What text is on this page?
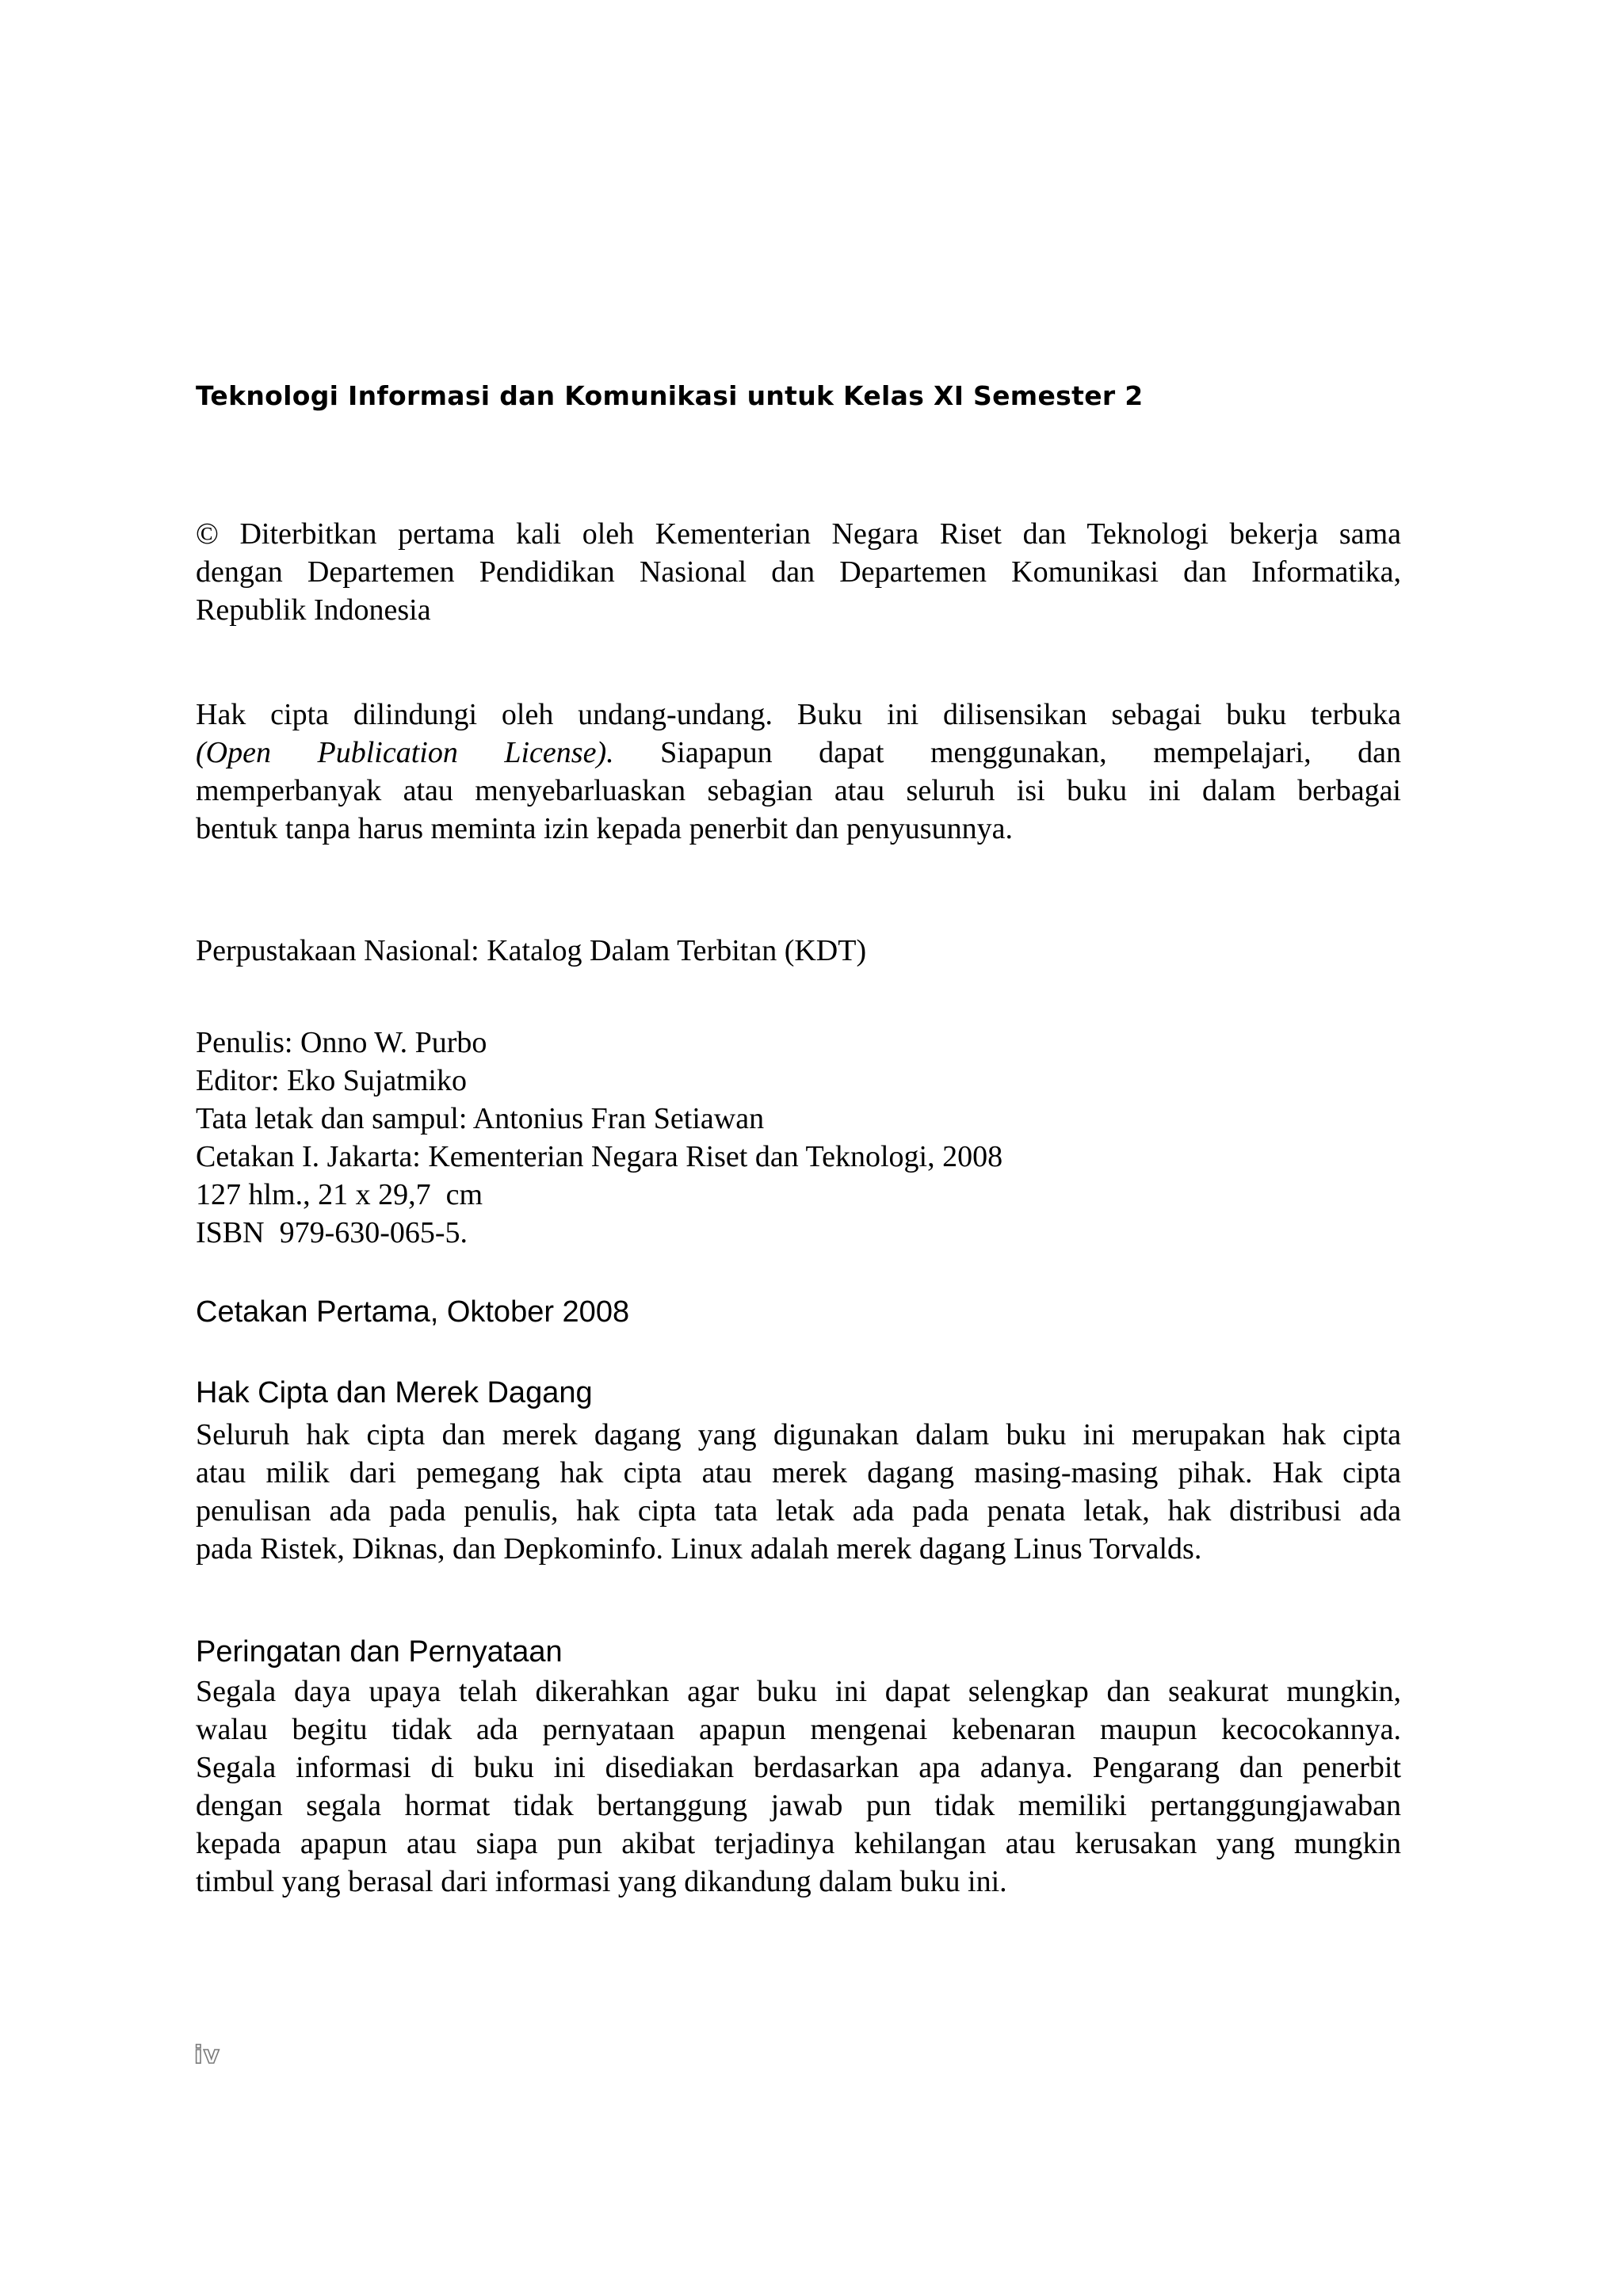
Teknologi Informasi dan Komunikasi untuk Kelas XI Semester 2
© Diterbitkan pertama kali oleh Kementerian Negara Riset dan Teknologi bekerja sama
dengan Departemen Pendidikan Nasional dan Departemen Komunikasi dan Informatika,
Republik Indonesia
Hak cipta dilindungi oleh undang-undang. Buku ini dilisensikan sebagai buku terbuka
(Open Publication License). Siapapun dapat menggunakan, mempelajari, dan
memperbanyak atau menyebarluaskan sebagian atau seluruh isi buku ini dalam berbagai
bentuk tanpa harus meminta izin kepada penerbit dan penyusunnya.
Perpustakaan Nasional: Katalog Dalam Terbitan (KDT)
Penulis: Onno W. Purbo
Editor: Eko Sujatmiko
Tata letak dan sampul: Antonius Fran Setiawan
Cetakan I. Jakarta: Kementerian Negara Riset dan Teknologi, 2008
127 hlm., 21 x 29,7  cm
ISBN  979-630-065-5.
Cetakan Pertama, Oktober 2008
Hak Cipta dan Merek Dagang
Seluruh hak cipta dan merek dagang yang digunakan dalam buku ini merupakan hak cipta
atau milik dari pemegang hak cipta atau merek dagang masing-masing pihak. Hak cipta
penulisan ada pada penulis, hak cipta tata letak ada pada penata letak, hak distribusi ada
pada Ristek, Diknas, dan Depkominfo. Linux adalah merek dagang Linus Torvalds.
Peringatan dan Pernyataan
Segala daya upaya telah dikerahkan agar buku ini dapat selengkap dan seakurat mungkin,
walau begitu tidak ada pernyataan apapun mengenai kebenaran maupun kecocokannya.
Segala informasi di buku ini disediakan berdasarkan apa adanya. Pengarang dan penerbit
dengan segala hormat tidak bertanggung jawab pun tidak memiliki pertanggungjawaban
kepada apapun atau siapa pun akibat terjadinya kehilangan atau kerusakan yang mungkin
timbul yang berasal dari informasi yang dikandung dalam buku ini.
iv
